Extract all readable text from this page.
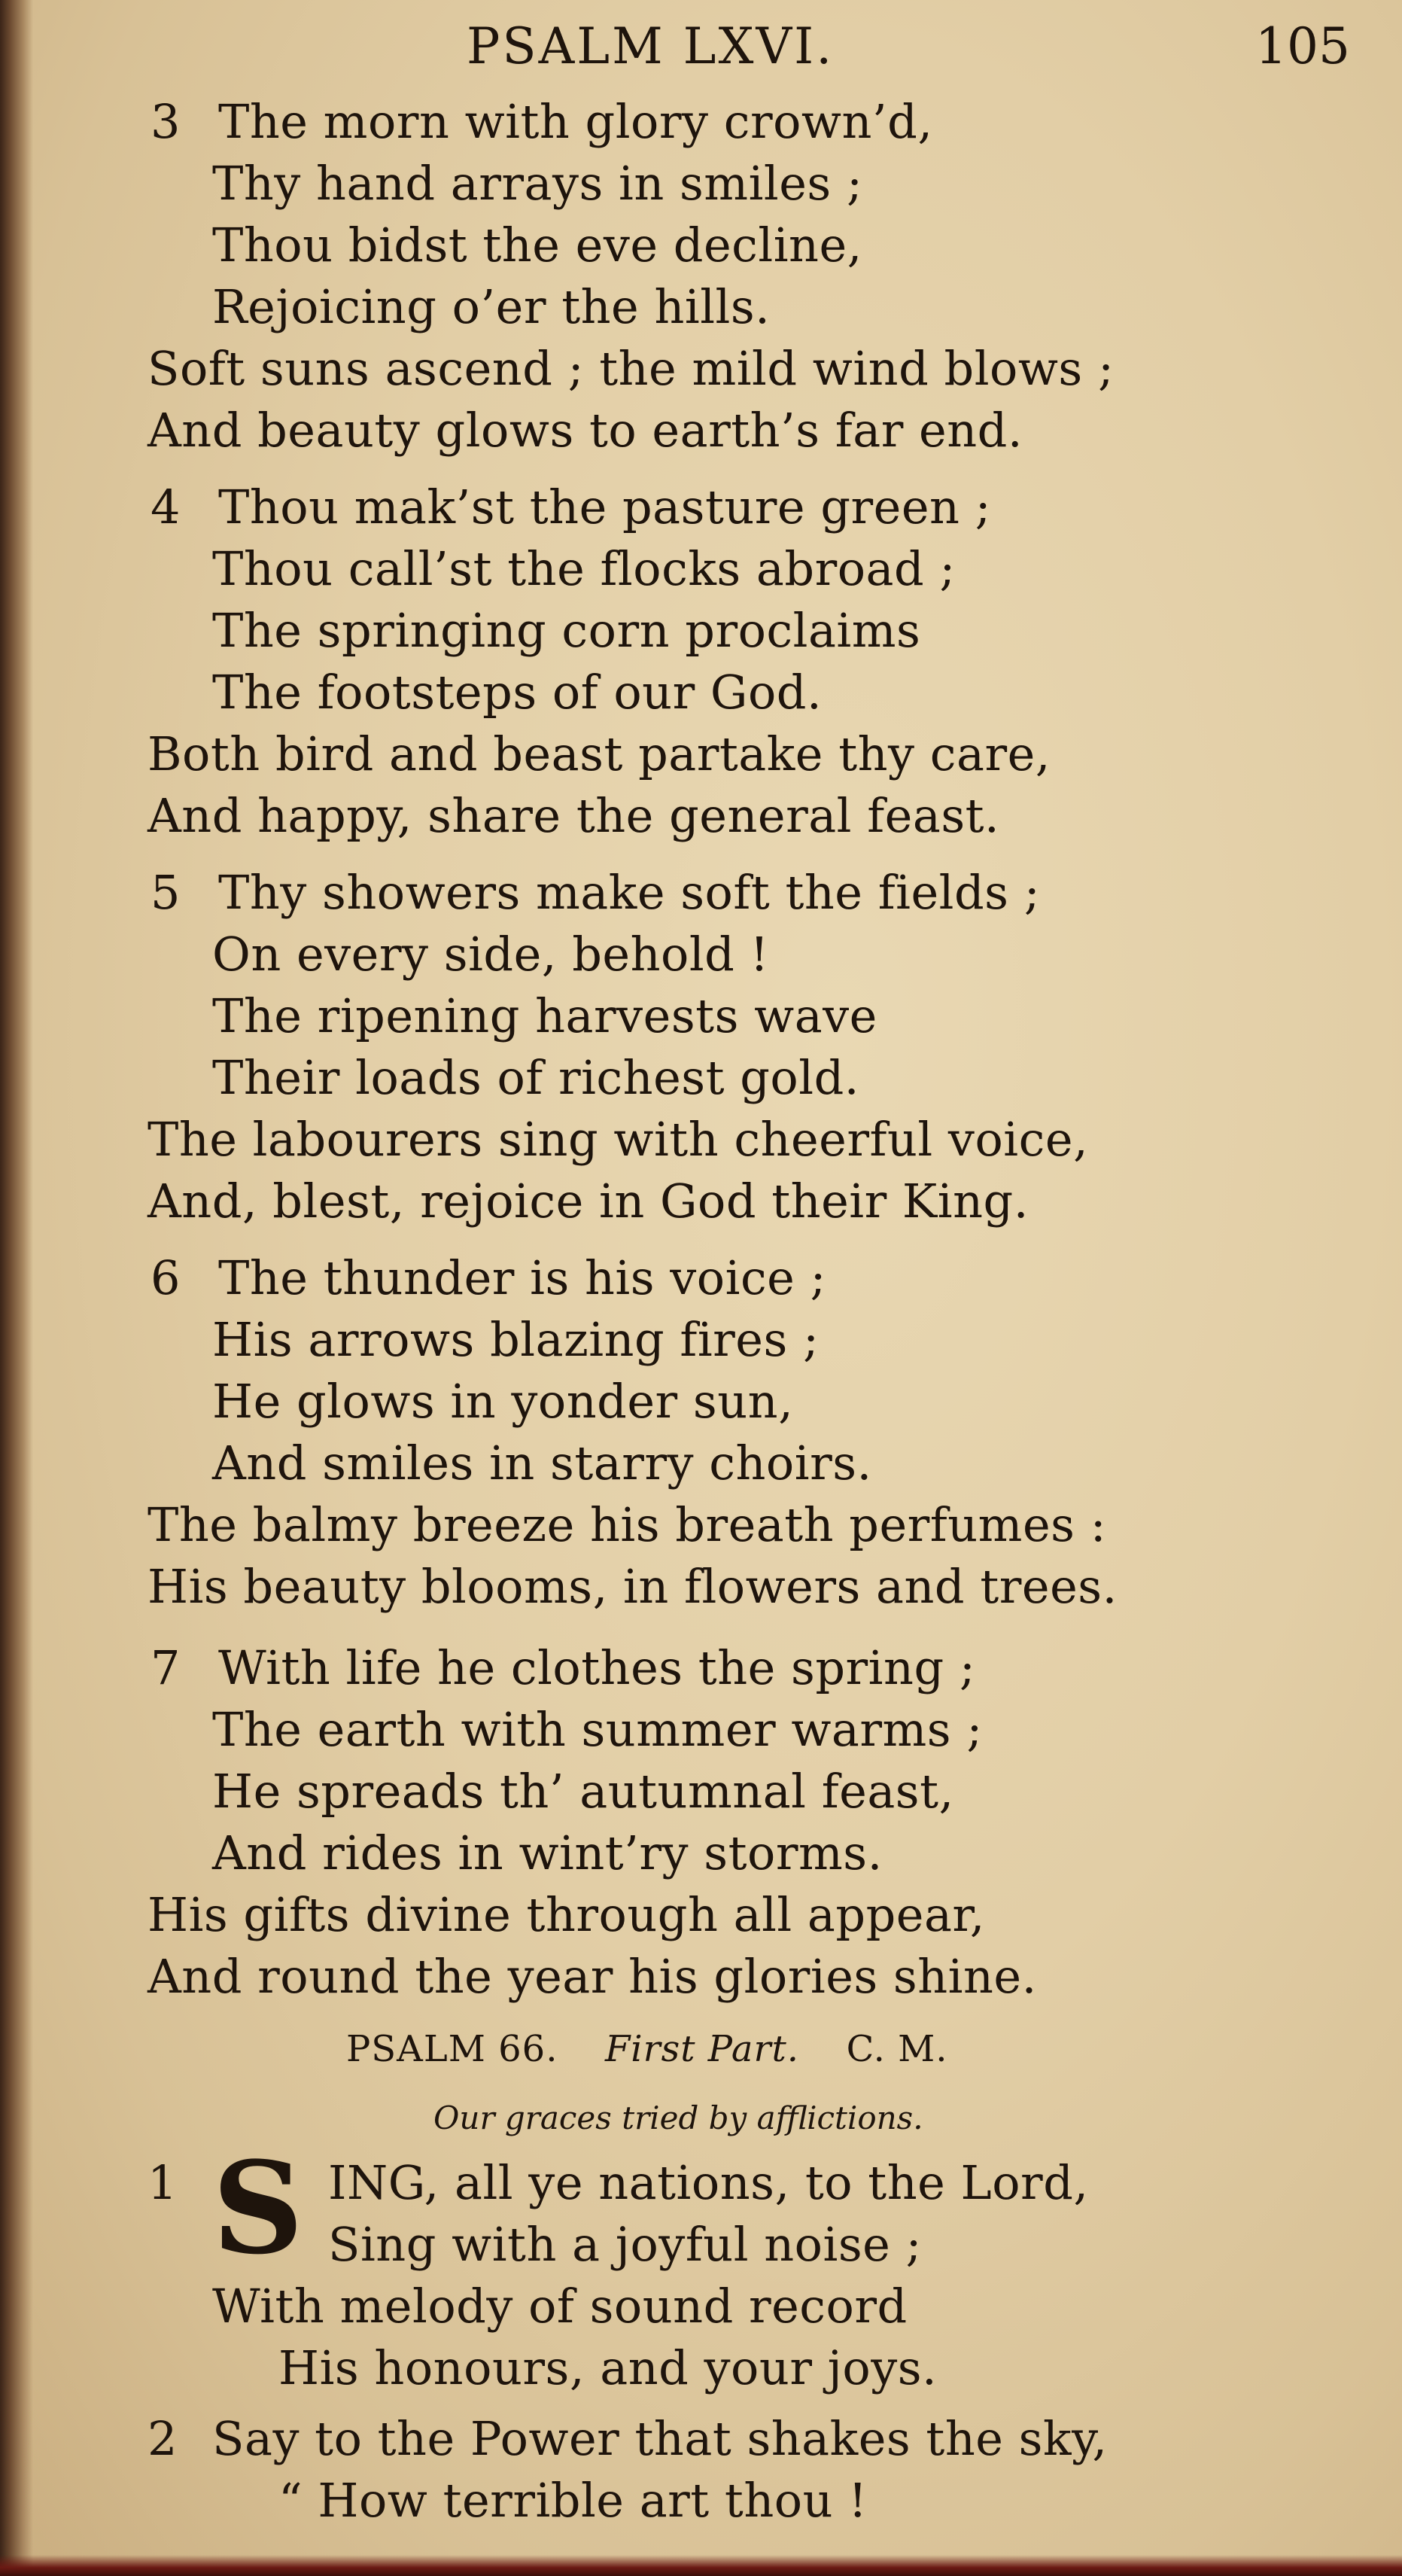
PSALM LXVI.	105
3 The morn with glory crown’d,
Thy hand arrays in smiles ;
Thou bidst the eve decline,
Rejoicing o’er the hills.
Soft suns ascend ; the mild wind blows ;
And beauty glows to earth’s far end.
4 Thou mak’st the pasture green ;
Thou call’st the flocks abroad ;
The springing corn proclaims
The footsteps of our God.
Both bird and beast partake thy care,
And happy, share the general feast.
5 Thy showers make soft the fields ;
On every side, behold !
The ripening harvests wave
Their loads of richest gold.
The labourers sing with cheerful voice,
And, blest, rejoice in God their King.
6 The thunder is his voice ;
His arrows blazing fires ;
He glows in yonder sun,
And smiles in starry choirs.
The balmy breeze his breath perfumes :
His beauty blooms, in flowers and trees.
7 With life he clothes the spring ;
The earth with summer warms ;
He spreads th’ autumnal feast,
And rides in wint’ry storms.
His gifts divine through all appear,
And round the year his glories shine.
PSALM 66. First Part. C. M.
Our graces tried by afflictions.
1 S ING, all ye nations, to the Lord,
Sing with a joyful noise ;
With melody of sound record
His honours, and your joys.
2 Say to the Power that shakes the sky,
“ How terrible art thou !
